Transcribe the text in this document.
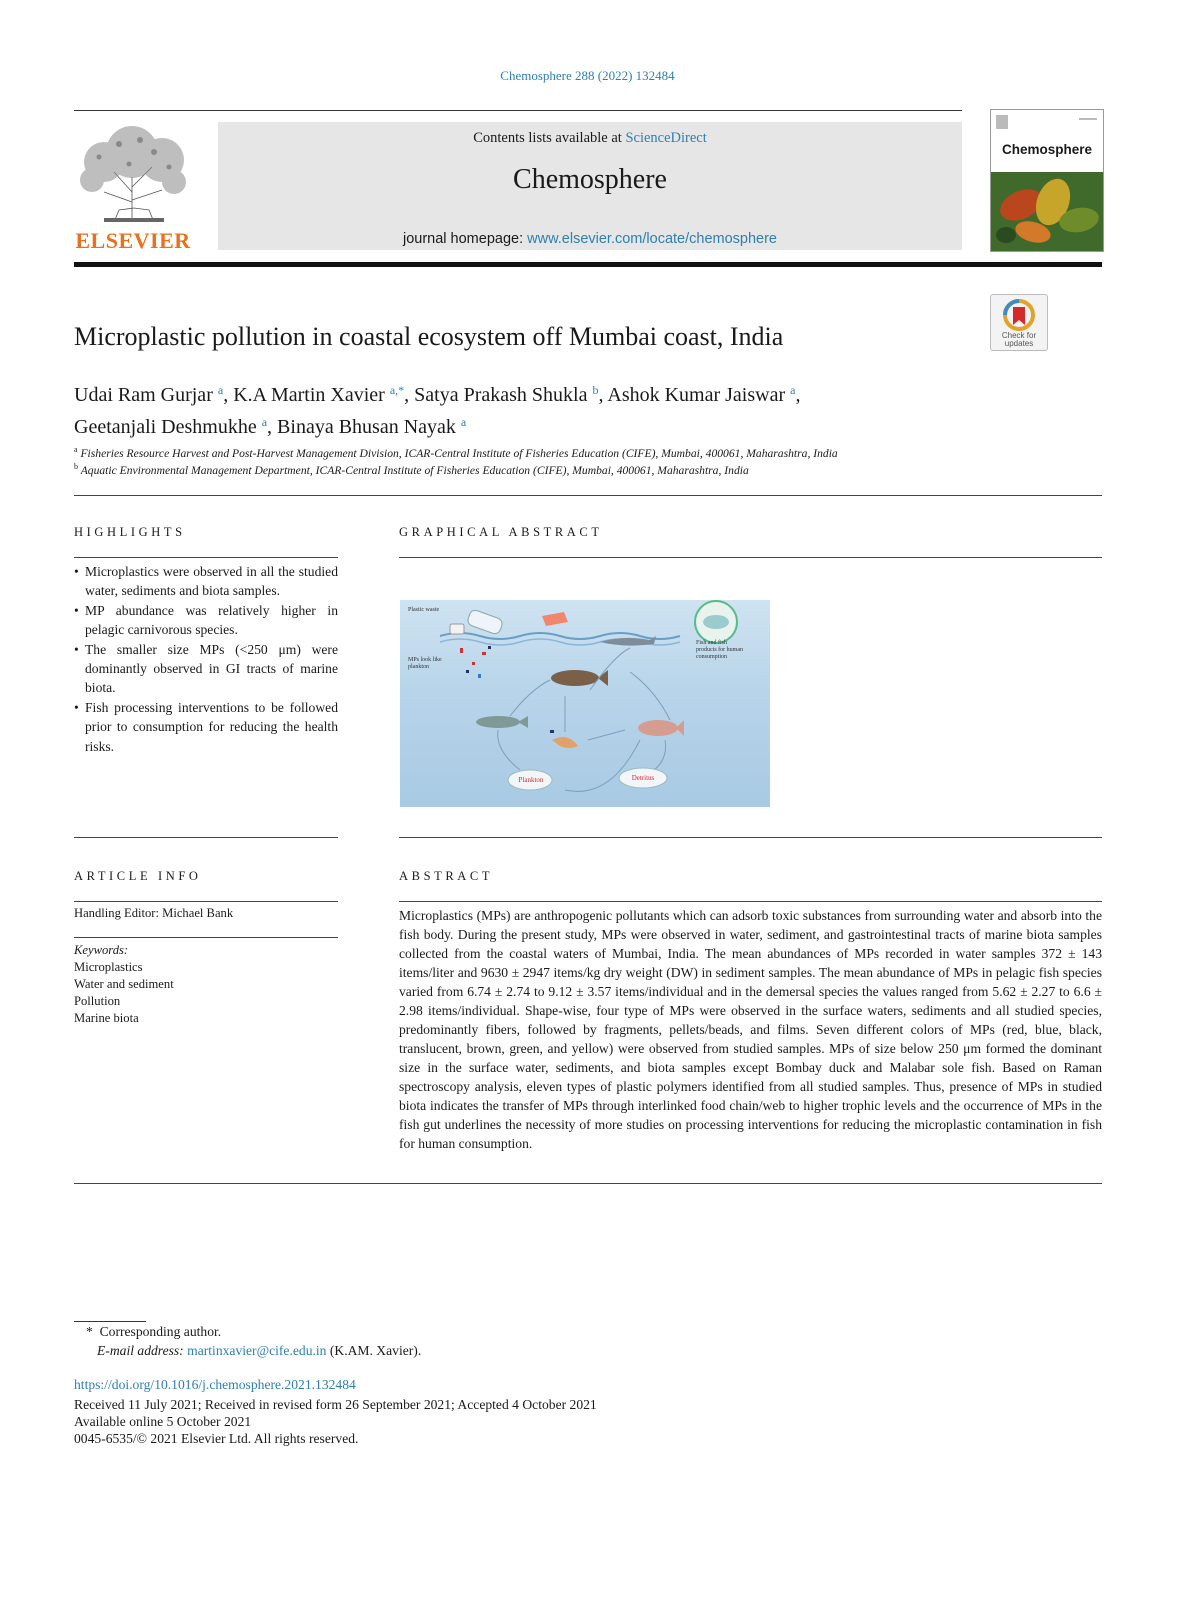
Chemosphere 288 (2022) 132484
ELSEVIER
Contents lists available at ScienceDirect
Chemosphere
journal homepage: www.elsevier.com/locate/chemosphere
Chemosphere
Check for
updates
Microplastic pollution in coastal ecosystem off Mumbai coast, India
Udai Ram Gurjar $^a$, K.A Martin Xavier $^{a,*}$, Satya Prakash Shukla $^b$, Ashok Kumar Jaiswar $^a$,
Geetanjali Deshmukhe $^a$, Binaya Bhusan Nayak $^a$
$^a$ Fisheries Resource Harvest and Post-Harvest Management Division, ICAR-Central Institute of Fisheries Education (CIFE), Mumbai, 400061, Maharashtra, India
$^b$ Aquatic Environmental Management Department, ICAR-Central Institute of Fisheries Education (CIFE), Mumbai, 400061, Maharashtra, India
HIGHLIGHTS
• Microplastics were observed in all the studied water, sediments and biota samples.
• MP abundance was relatively higher in pelagic carnivorous species.
• The smaller size MPs (<250 μm) were dominantly observed in GI tracts of marine biota.
• Fish processing interventions to be followed prior to consumption for reducing the health risks.
GRAPHICAL ABSTRACT
Plastic waste
MPs look like plankton
Fish and fish products for human consumption
Plankton	Detritus
ARTICLE INFO
Handling Editor: Michael Bank
Keywords:
Microplastics
Water and sediment
Pollution
Marine biota
ABSTRACT

Microplastics (MPs) are anthropogenic pollutants which can adsorb toxic substances from surrounding water and absorb into the fish body. During the present study, MPs were observed in water, sediment, and gastrointestinal tracts of marine biota samples collected from the coastal waters of Mumbai, India. The mean abundances of MPs recorded in water samples 372 ± 143 items/liter and 9630 ± 2947 items/kg dry weight (DW) in sediment samples. The mean abundance of MPs in pelagic fish species varied from 6.74 ± 2.74 to 9.12 ± 3.57 items/individual and in the demersal species the values ranged from 5.62 ± 2.27 to 6.6 ± 2.98 items/individual. Shape-wise, four type of MPs were observed in the surface waters, sediments and all studied species, predominantly fibers, followed by fragments, pellets/beads, and films. Seven different colors of MPs (red, blue, black, translucent, brown, green, and yellow) were observed from studied samples. MPs of size below 250 μm formed the dominant size in the surface water, sediments, and biota samples except Bombay duck and Malabar sole fish. Based on Raman spectroscopy analysis, eleven types of plastic polymers identified from all studied samples. Thus, presence of MPs in studied biota indicates the transfer of MPs through interlinked food chain/web to higher trophic levels and the occurrence of MPs in the fish gut underlines the necessity of more studies on processing interventions for reducing the microplastic contamination in fish for human consumption.

* Corresponding author.
E-mail address: martinxavier@cife.edu.in (K.AM. Xavier).
https://doi.org/10.1016/j.chemosphere.2021.132484
Received 11 July 2021; Received in revised form 26 September 2021; Accepted 4 October 2021
Available online 5 October 2021
0045-6535/© 2021 Elsevier Ltd. All rights reserved.
